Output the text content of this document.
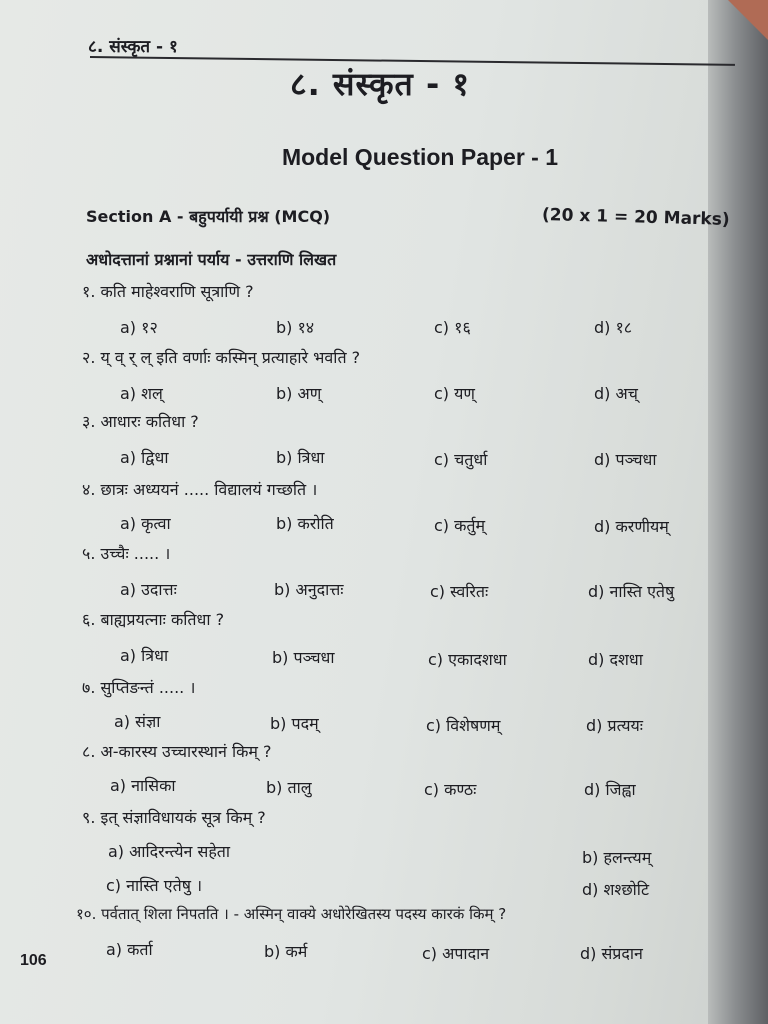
८. संस्कृत - १
८. संस्कृत - १
Model Question Paper - 1
Section A - बहुपर्यायी प्रश्न (MCQ)	(20 x 1 = 20 Marks)
अधोदत्तानां प्रश्नानां पर्याय - उत्तराणि लिखत
१. कति माहेश्वराणि सूत्राणि ?
a) १२	b) १४	c) १६	d) १८
२. य् व् र् ल् इति वर्णाः कस्मिन् प्रत्याहारे भवति ?
a) शल्	b) अण्	c) यण्	d) अच्
३. आधारः कतिधा ?
a) द्विधा	b) त्रिधा	c) चतुर्धा	d) पञ्चधा
४. छात्रः अध्ययनं ..... विद्यालयं गच्छति ।
a) कृत्वा	b) करोति	c) कर्तुम्	d) करणीयम्
५. उच्चैः ..... ।
a) उदात्तः	b) अनुदात्तः	c) स्वरितः	d) नास्ति एतेषु
६. बाह्यप्रयत्नाः कतिधा ?
a) त्रिधा	b) पञ्चधा	c) एकादशधा	d) दशधा
७. सुप्तिङन्तं ..... ।
a) संज्ञा	b) पदम्	c) विशेषणम्	d) प्रत्ययः
८. अ-कारस्य उच्चारस्थानं किम् ?
a) नासिका	b) तालु	c) कण्ठः	d) जिह्वा
९. इत् संज्ञाविधायकं सूत्र किम् ?
a) आदिरन्त्येन सहेता	b) हलन्त्यम्
c) नास्ति एतेषु ।	d) शश्छोटि
१०. पर्वतात् शिला निपतति । - अस्मिन् वाक्ये अधोरेखितस्य पदस्य कारकं किम् ?
a) कर्ता	b) कर्म	c) अपादान	d) संप्रदान
106
